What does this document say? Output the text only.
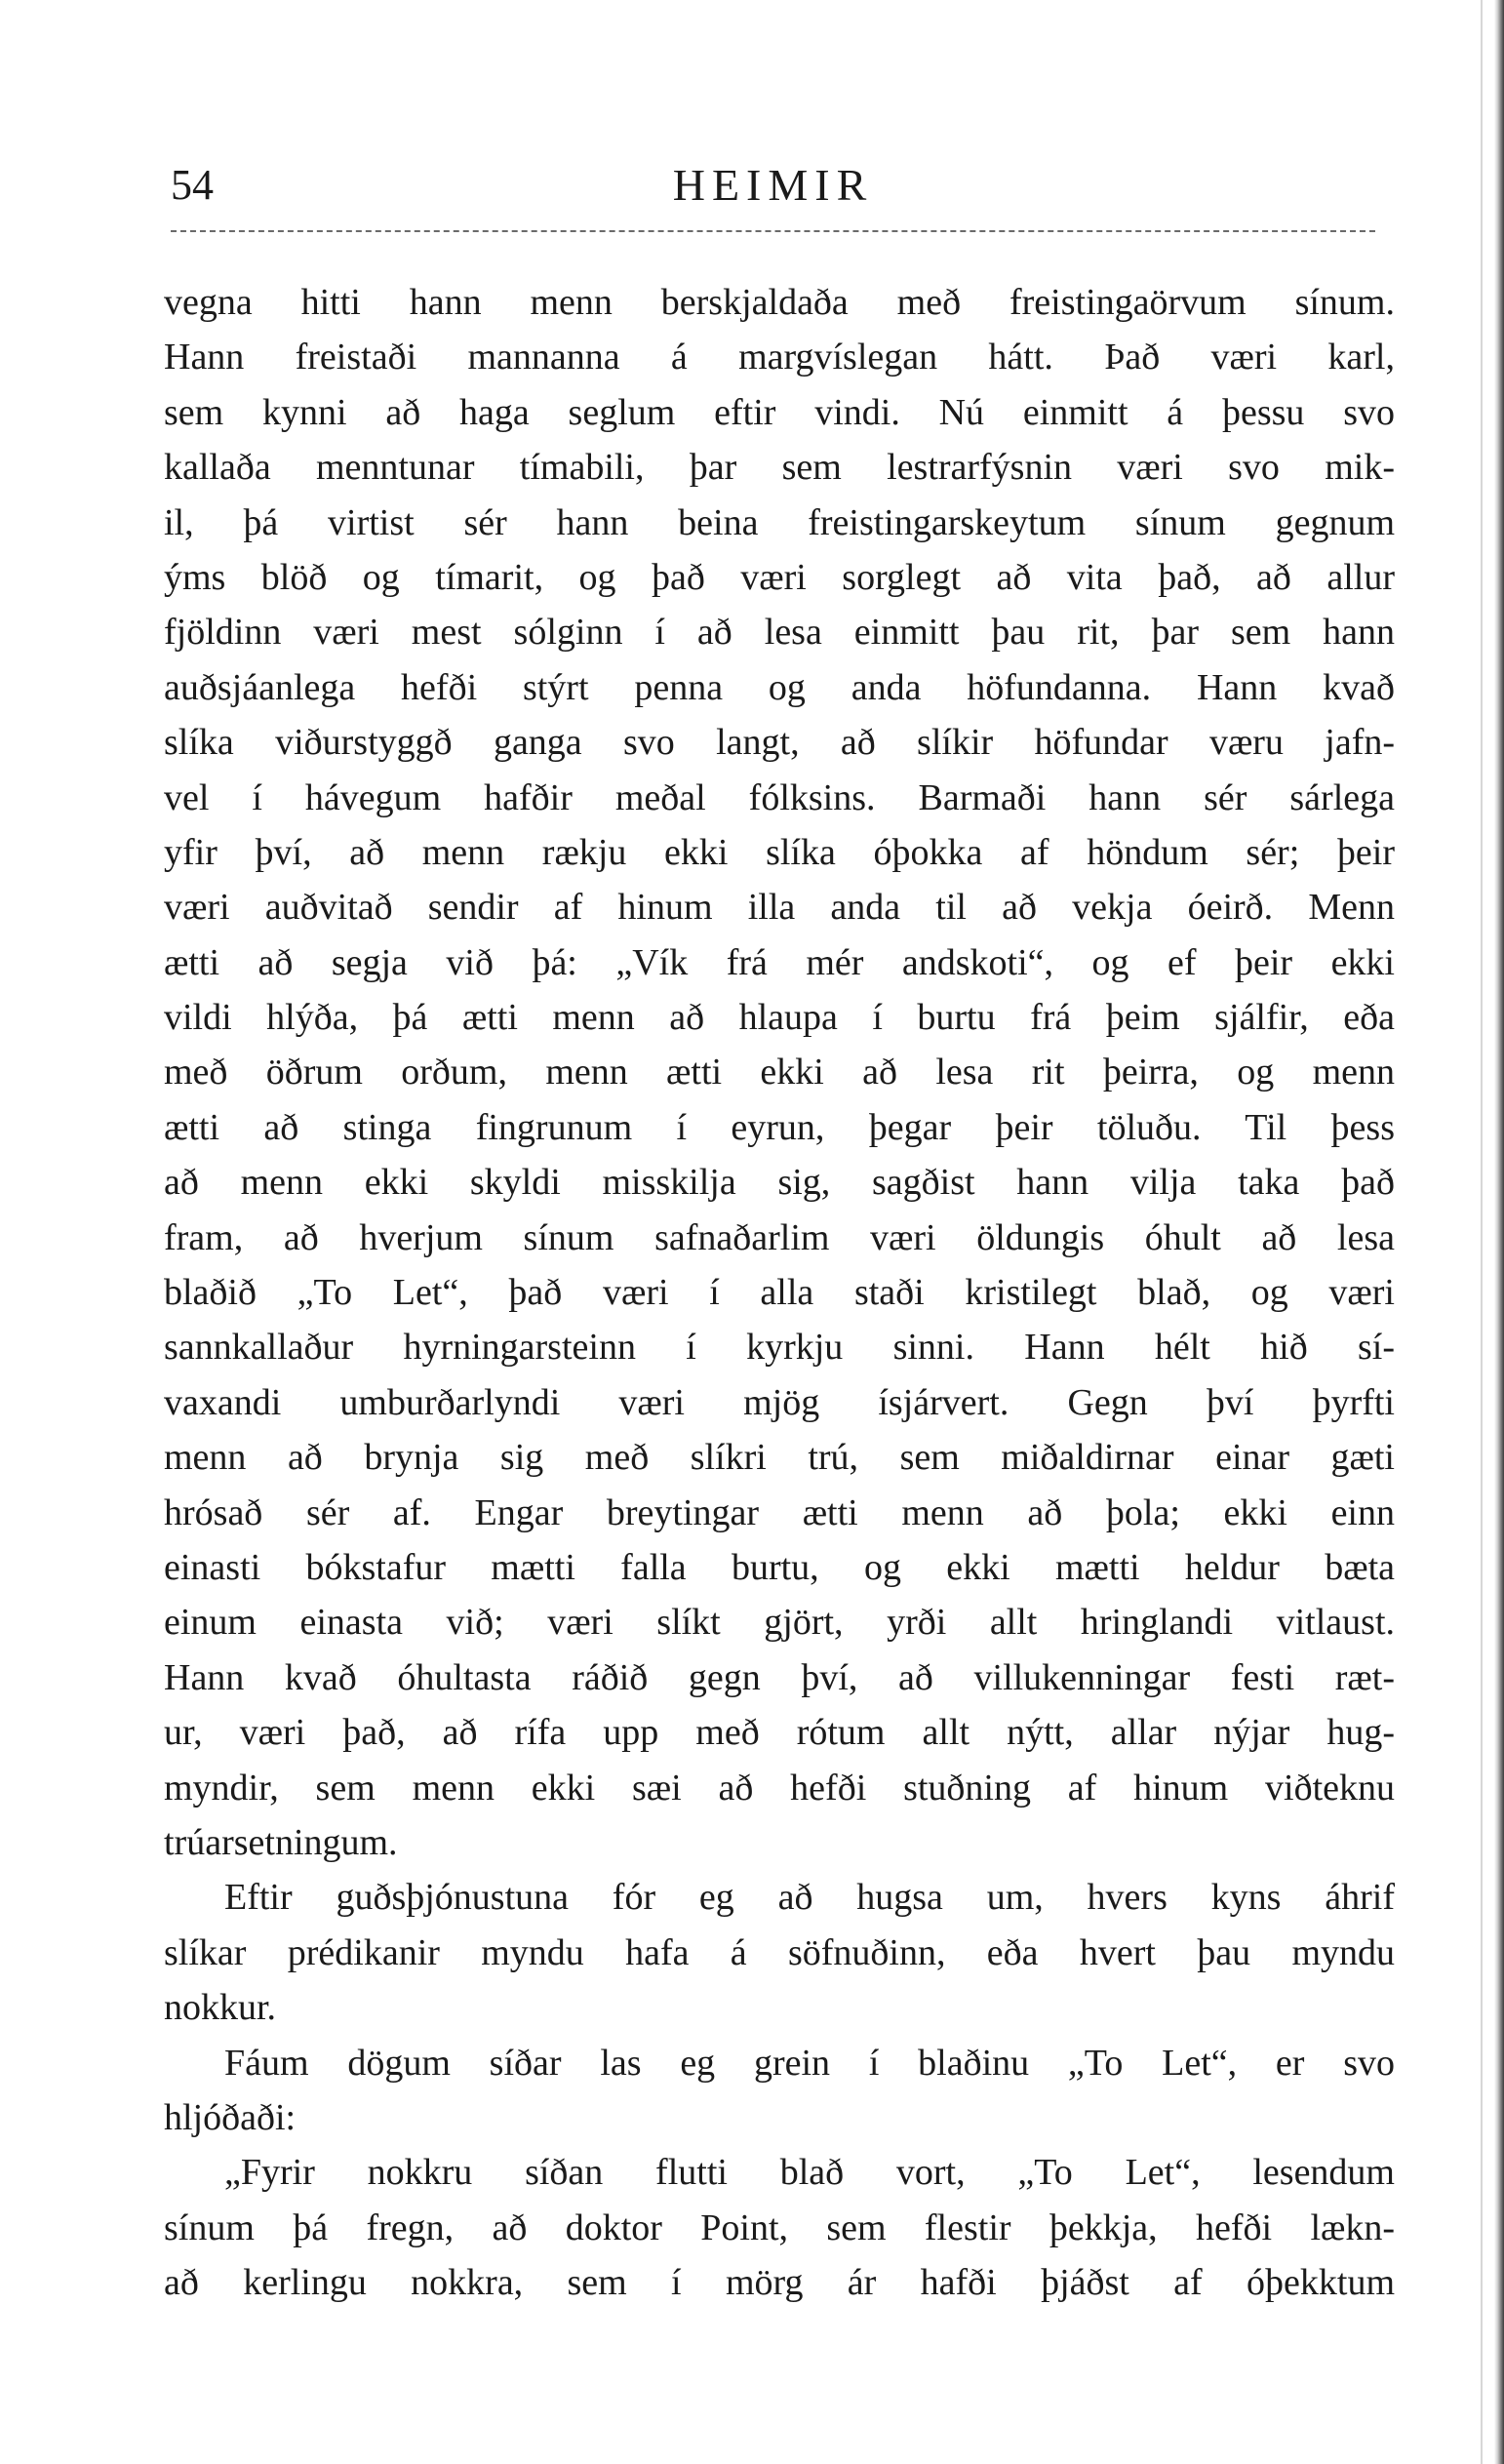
54	HEIMIR
vegna hitti hann menn berskjaldaða með freistingaörvum sínum.
Hann freistaði mannanna á margvíslegan hátt. Það væri karl,
sem kynni að haga seglum eftir vindi. Nú einmitt á þessu svo
kallaða menntunar tímabili, þar sem lestrarfýsnin væri svo mik-
il, þá virtist sér hann beina freistingarskeytum sínum gegnum
ýms blöð og tímarit, og það væri sorglegt að vita það, að allur
fjöldinn væri mest sólginn í að lesa einmitt þau rit, þar sem hann
auðsjáanlega hefði stýrt penna og anda höfundanna. Hann kvað
slíka viðurstyggð ganga svo langt, að slíkir höfundar væru jafn-
vel í hávegum hafðir meðal fólksins. Barmaði hann sér sárlega
yfir því, að menn rækju ekki slíka óþokka af höndum sér; þeir
væri auðvitað sendir af hinum illa anda til að vekja óeirð. Menn
ætti að segja við þá: „Vík frá mér andskoti“, og ef þeir ekki
vildi hlýða, þá ætti menn að hlaupa í burtu frá þeim sjálfir, eða
með öðrum orðum, menn ætti ekki að lesa rit þeirra, og menn
ætti að stinga fingrunum í eyrun, þegar þeir töluðu. Til þess
að menn ekki skyldi misskilja sig, sagðist hann vilja taka það
fram, að hverjum sínum safnaðarlim væri öldungis óhult að lesa
blaðið „To Let“, það væri í alla staði kristilegt blað, og væri
sannkallaður hyrningarsteinn í kyrkju sinni. Hann hélt hið sí-
vaxandi umburðarlyndi væri mjög ísjárvert. Gegn því þyrfti
menn að brynja sig með slíkri trú, sem miðaldirnar einar gæti
hrósað sér af. Engar breytingar ætti menn að þola; ekki einn
einasti bókstafur mætti falla burtu, og ekki mætti heldur bæta
einum einasta við; væri slíkt gjört, yrði allt hringlandi vitlaust.
Hann kvað óhultasta ráðið gegn því, að villukenningar festi ræt-
ur, væri það, að rífa upp með rótum allt nýtt, allar nýjar hug-
myndir, sem menn ekki sæi að hefði stuðning af hinum viðteknu
trúarsetningum.
Eftir guðsþjónustuna fór eg að hugsa um, hvers kyns áhrif
slíkar prédikanir myndu hafa á söfnuðinn, eða hvert þau myndu
nokkur.
Fáum dögum síðar las eg grein í blaðinu „To Let“, er svo
hljóðaði:
„Fyrir nokkru síðan flutti blað vort, „To Let“, lesendum
sínum þá fregn, að doktor Point, sem flestir þekkja, hefði lækn-
að kerlingu nokkra, sem í mörg ár hafði þjáðst af óþekktum
